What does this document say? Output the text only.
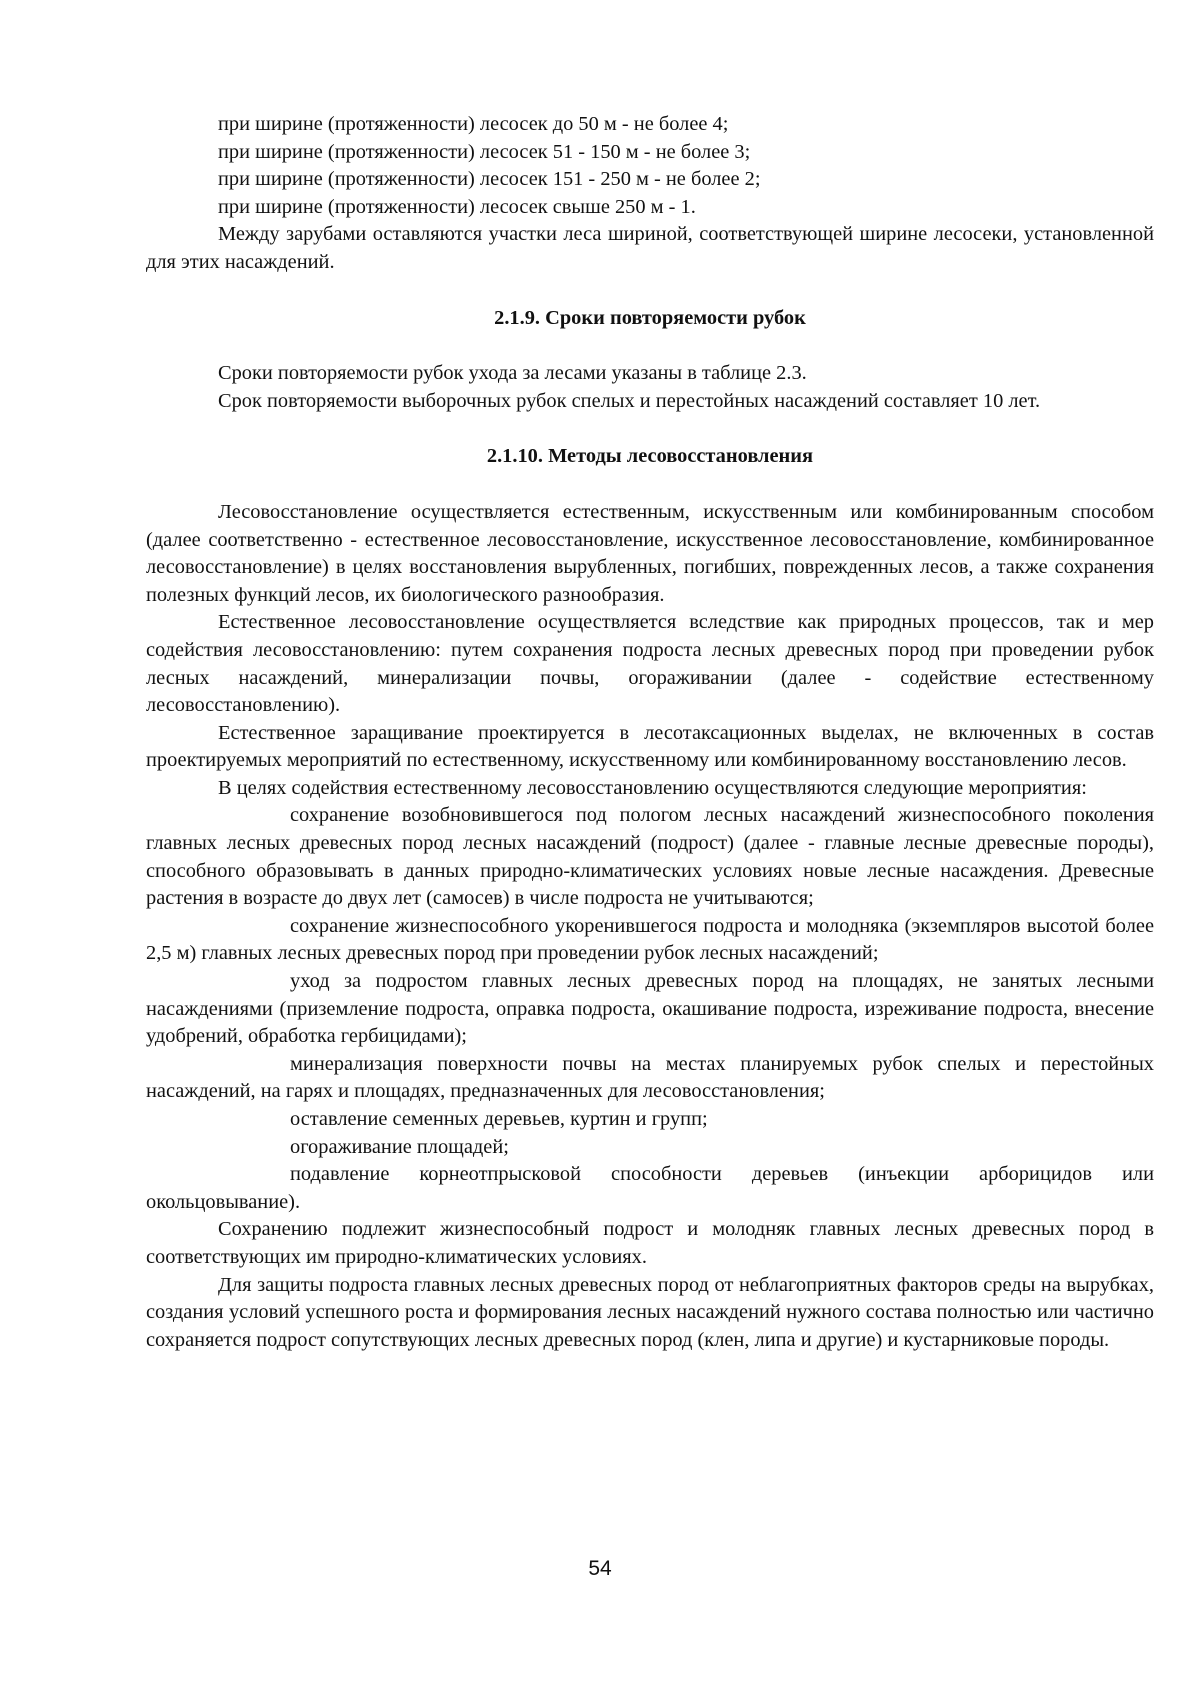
при ширине (протяженности) лесосек до 50 м - не более 4;

при ширине (протяженности) лесосек 51 - 150 м - не более 3;

при ширине (протяженности) лесосек 151 - 250 м - не более 2;

при ширине (протяженности) лесосек свыше 250 м - 1.

Между зарубами оставляются участки леса шириной, соответствующей ширине лесосеки, установленной для этих насаждений.

2.1.9. Сроки повторяемости рубок

Сроки повторяемости рубок ухода за лесами указаны в таблице 2.3.

Срок повторяемости выборочных рубок спелых и перестойных насаждений составляет 10 лет.

2.1.10. Методы лесовосстановления

Лесовосстановление осуществляется естественным, искусственным или комбинированным способом (далее соответственно - естественное лесовосстановление, искусственное лесовосстановление, комбинированное лесовосстановление) в целях восстановления вырубленных, погибших, поврежденных лесов, а также сохранения полезных функций лесов, их биологического разнообразия.

Естественное лесовосстановление осуществляется вследствие как природных процессов, так и мер содействия лесовосстановлению: путем сохранения подроста лесных древесных пород при проведении рубок лесных насаждений, минерализации почвы, огораживании (далее - содействие естественному лесовосстановлению).

Естественное заращивание проектируется в лесотаксационных выделах, не включенных в состав проектируемых мероприятий по естественному, искусственному или комбинированному восстановлению лесов.

В целях содействия естественному лесовосстановлению осуществляются следующие мероприятия:

сохранение возобновившегося под пологом лесных насаждений жизнеспособного поколения главных лесных древесных пород лесных насаждений (подрост) (далее - главные лесные древесные породы), способного образовывать в данных природно-климатических условиях новые лесные насаждения. Древесные растения в возрасте до двух лет (самосев) в числе подроста не учитываются;

сохранение жизнеспособного укоренившегося подроста и молодняка (экземпляров высотой более 2,5 м) главных лесных древесных пород при проведении рубок лесных насаждений;

уход за подростом главных лесных древесных пород на площадях, не занятых лесными насаждениями (приземление подроста, оправка подроста, окашивание подроста, изреживание подроста, внесение удобрений, обработка гербицидами);

минерализация поверхности почвы на местах планируемых рубок спелых и перестойных насаждений, на гарях и площадях, предназначенных для лесовосстановления;

оставление семенных деревьев, куртин и групп;

огораживание площадей;

подавление корнеотпрысковой способности деревьев (инъекции арборицидов или окольцовывание).

Сохранению подлежит жизнеспособный подрост и молодняк главных лесных древесных пород в соответствующих им природно-климатических условиях.

Для защиты подроста главных лесных древесных пород от неблагоприятных факторов среды на вырубках, создания условий успешного роста и формирования лесных насаждений нужного состава полностью или частично сохраняется подрост сопутствующих лесных древесных пород (клен, липа и другие) и кустарниковые породы.

54
